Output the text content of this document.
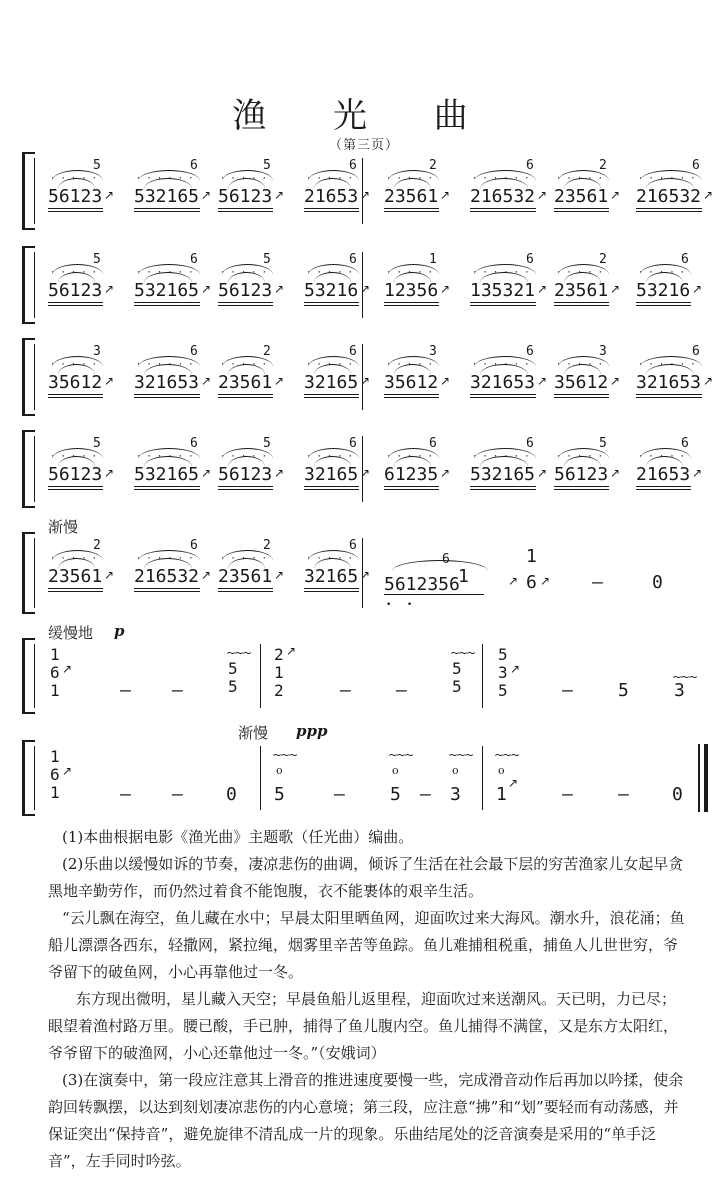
渔 光 曲
（第三页）
5
·····
56123 ↗
6
······
532165 ↗
5
·····
56123 ↗
6
·····
21653 ↗
2
·····
23561 ↗
6
······
216532 ↗
2
·····
23561 ↗
6
······
216532 ↗
5
·····
56123 ↗
6
······
532165 ↗
5
·····
56123 ↗
6
·····
53216 ↗
1
·····
12356 ↗
6
······
135321 ↗
2
·····
23561 ↗
6
·····
53216 ↗
3
·····
35612 ↗
6
······
321653 ↗
2
·····
23561 ↗
6
·····
32165 ↗
3
·····
35612 ↗
6
······
321653 ↗
3
·····
35612 ↗
6
······
321653 ↗
5
·····
56123 ↗
6
······
532165 ↗
5
·····
56123 ↗
6
·····
32165 ↗
6
·····
61235 ↗
6
······
532165 ↗
5
·····
56123 ↗
6
·····
21653 ↗
渐慢
2
·····
23561 ↗
6
······
216532 ↗
2
·····
23561 ↗
6
·····
32165 ↗
6
5612356
• •
↗
1
1
6 ↗ –	0
缓慢地 p
1
6
1
↗
– –
~~~
5
5
2
1
2
↗
–	–
~~~
5
5
5
3
5
↗
–	5
~~~
3
渐慢 ppp
1
6
1
↗
– – 0
~~~
o
5	–
~~~
o
5 –
~~~
o
3
~~~
o
1
↗
–	– 0

(1)本曲根据电影《渔光曲》主题歌（任光曲）编曲。

(2)乐曲以缓慢如诉的节奏，凄凉悲伤的曲调，倾诉了生活在社会最下层的穷苦渔家儿女起早贪黑地辛勤劳作，而仍然过着食不能饱腹，衣不能裹体的艰辛生活。

“云儿飘在海空，鱼儿藏在水中；早晨太阳里晒鱼网，迎面吹过来大海风。潮水升，浪花涌；鱼船儿漂漂各西东，轻撒网，紧拉绳，烟雾里辛苦等鱼踪。鱼儿难捕租税重，捕鱼人儿世世穷，爷爷留下的破鱼网，小心再靠他过一冬。

东方现出微明，星儿藏入天空；早晨鱼船儿返里程，迎面吹过来送潮风。天已明，力已尽；眼望着渔村路万里。腰已酸，手已肿，捕得了鱼儿腹内空。鱼儿捕得不满筐，又是东方太阳红，爷爷留下的破渔网，小心还靠他过一冬。”（安娥词）

(3)在演奏中，第一段应注意其上滑音的推进速度要慢一些，完成滑音动作后再加以吟揉，使余韵回转飘摆，以达到刻划凄凉悲伤的内心意境；第三段，应注意“拂”和“划”要轻而有动荡感，并保证突出“保持音”，避免旋律不清乱成一片的现象。乐曲结尾处的泛音演奏是采用的“单手泛音”，左手同时吟弦。
